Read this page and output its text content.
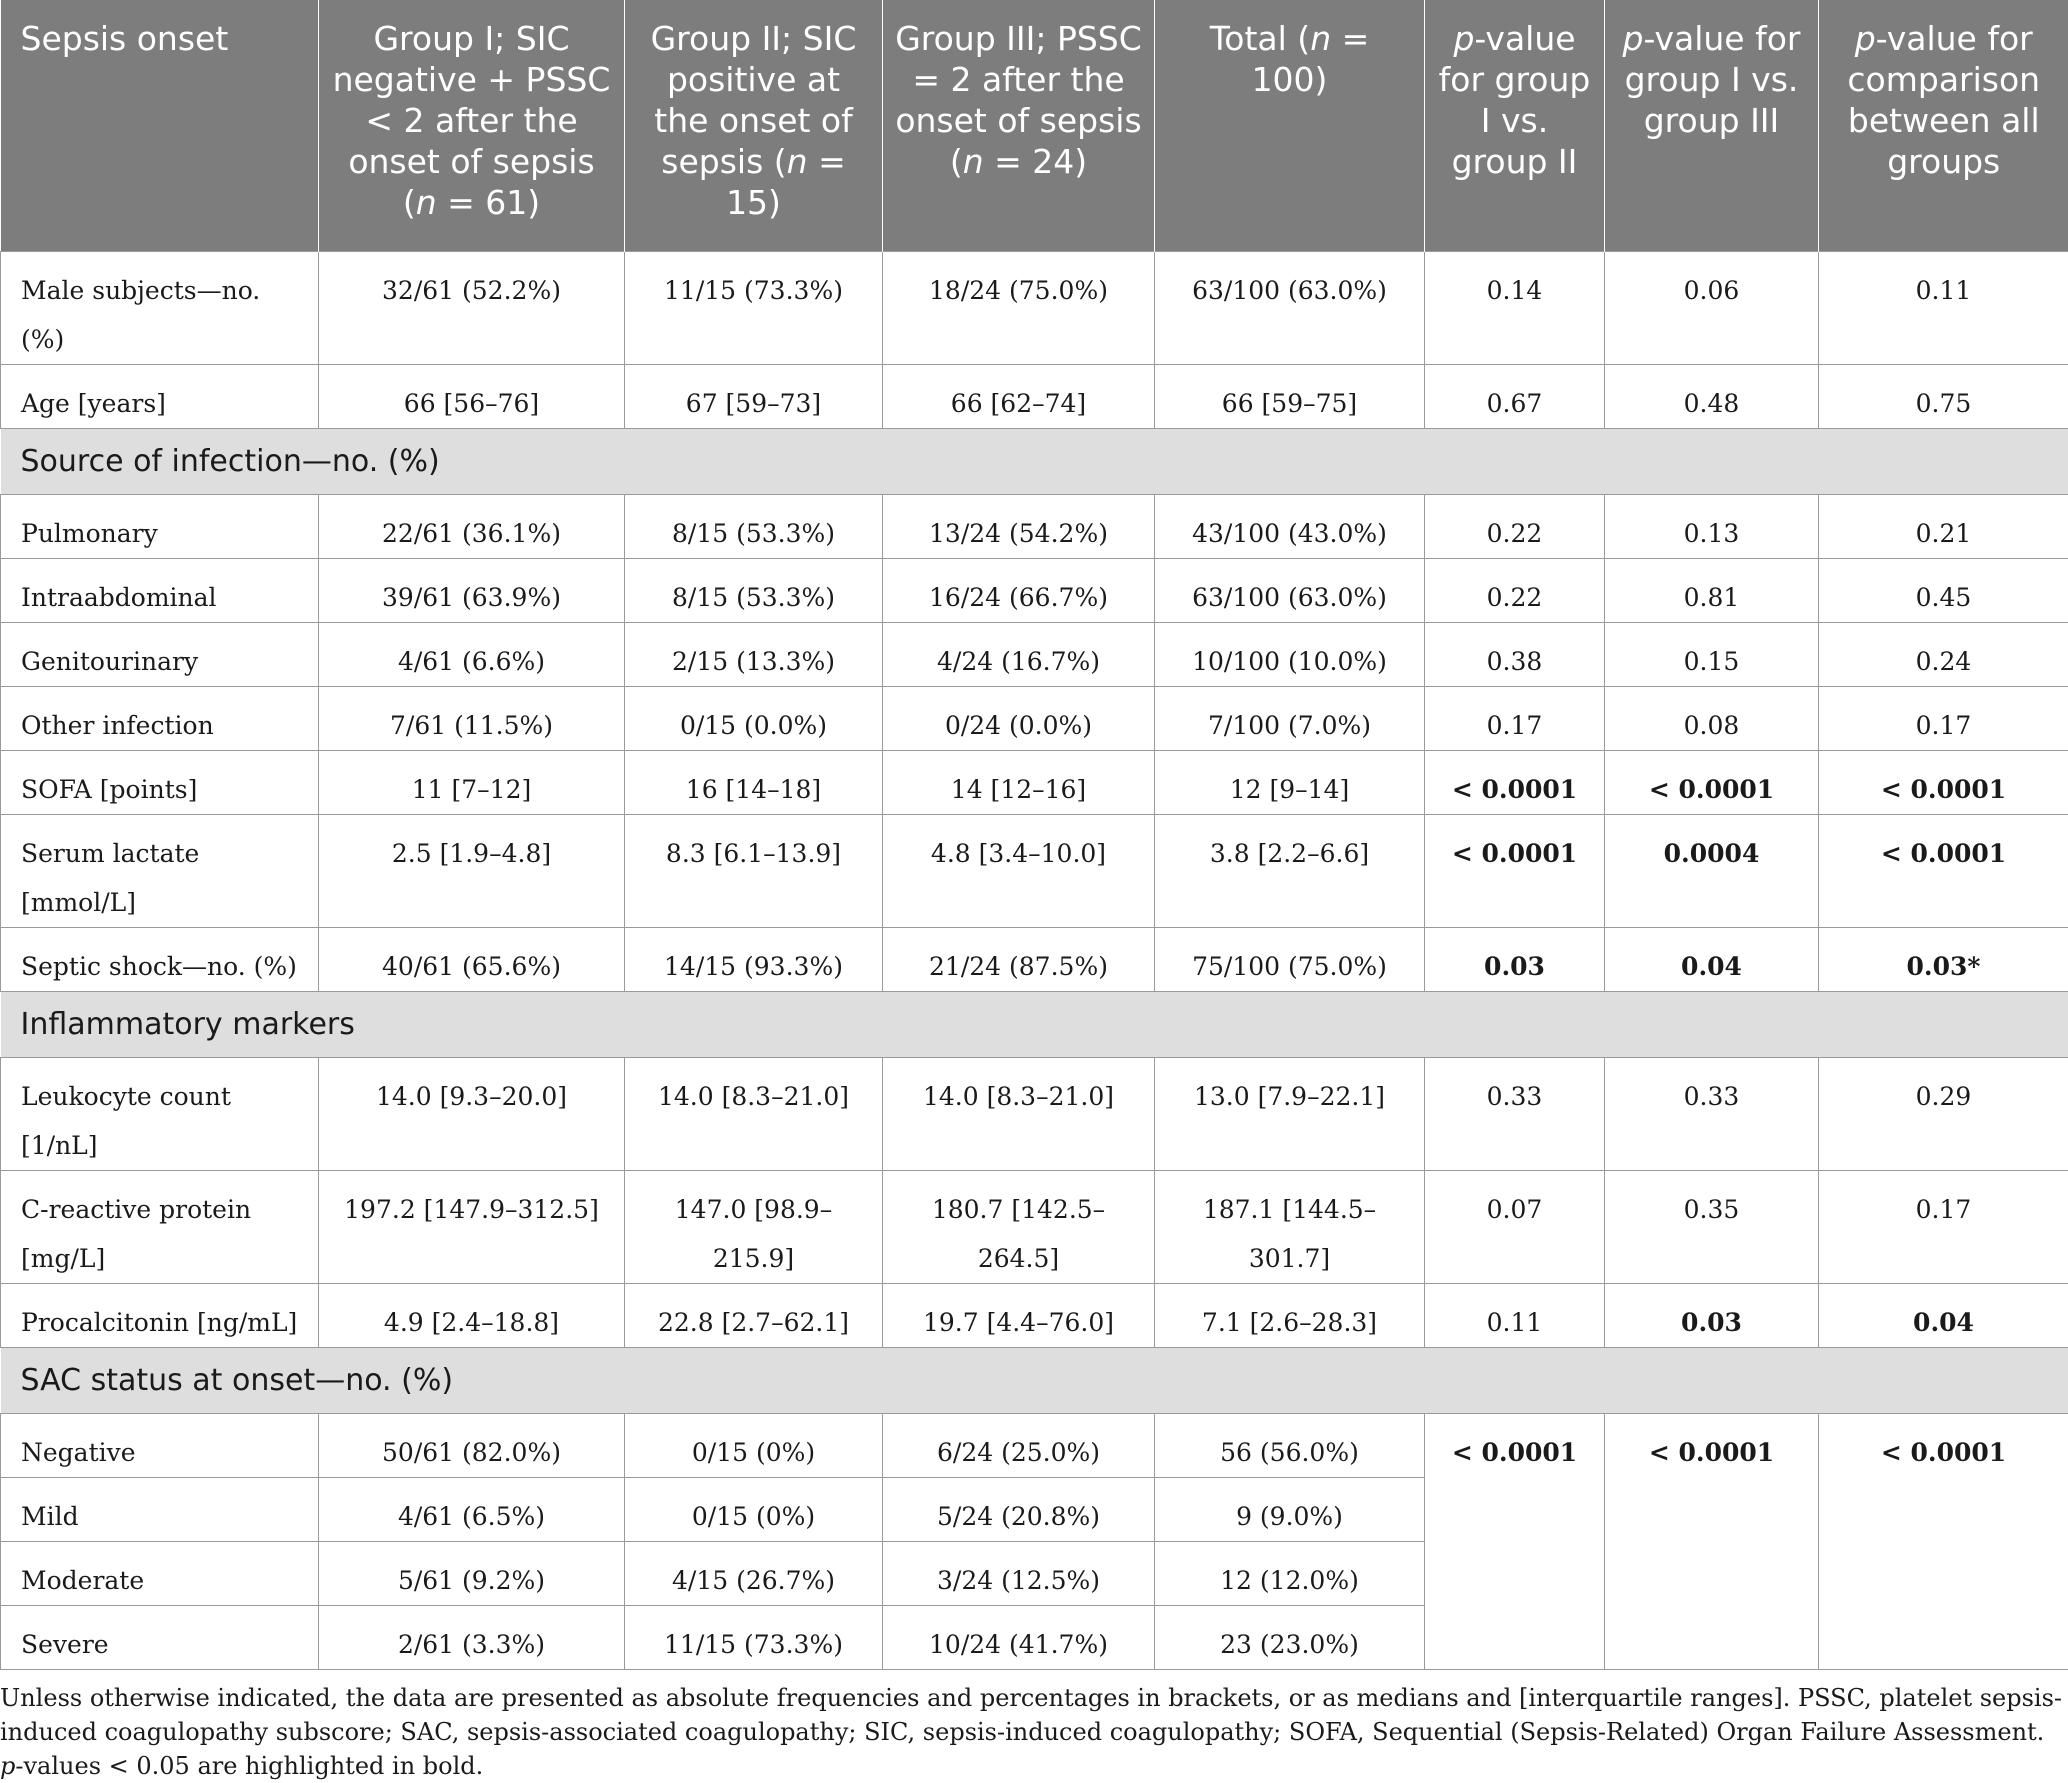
Sepsis onset	Group I; SIC negative + PSSC < 2 after the onset of sepsis (n = 61)	Group II; SIC positive at the onset of sepsis (n = 15)	Group III; PSSC = 2 after the onset of sepsis (n = 24)	Total (n = 100)	p-value for group I vs. group II	p-value for group I vs. group III	p-value for comparison between all groups
Male subjects—no. (%)	32/61 (52.2%)	11/15 (73.3%)	18/24 (75.0%)	63/100 (63.0%)	0.14	0.06	0.11
Age [years]	66 [56–76]	67 [59–73]	66 [62–74]	66 [59–75]	0.67	0.48	0.75
Source of infection—no. (%)							
Pulmonary	22/61 (36.1%)	8/15 (53.3%)	13/24 (54.2%)	43/100 (43.0%)	0.22	0.13	0.21
Intraabdominal	39/61 (63.9%)	8/15 (53.3%)	16/24 (66.7%)	63/100 (63.0%)	0.22	0.81	0.45
Genitourinary	4/61 (6.6%)	2/15 (13.3%)	4/24 (16.7%)	10/100 (10.0%)	0.38	0.15	0.24
Other infection	7/61 (11.5%)	0/15 (0.0%)	0/24 (0.0%)	7/100 (7.0%)	0.17	0.08	0.17
SOFA [points]	11 [7–12]	16 [14–18]	14 [12–16]	12 [9–14]	< 0.0001	< 0.0001	< 0.0001
Serum lactate [mmol/L]	2.5 [1.9–4.8]	8.3 [6.1–13.9]	4.8 [3.4–10.0]	3.8 [2.2–6.6]	< 0.0001	0.0004	< 0.0001
Septic shock—no. (%)	40/61 (65.6%)	14/15 (93.3%)	21/24 (87.5%)	75/100 (75.0%)	0.03	0.04	0.03*
Inflammatory markers							
Leukocyte count [1/nL]	14.0 [9.3–20.0]	14.0 [8.3–21.0]	14.0 [8.3–21.0]	13.0 [7.9–22.1]	0.33	0.33	0.29
C-reactive protein [mg/L]	197.2 [147.9–312.5]	147.0 [98.9–215.9]	180.7 [142.5–264.5]	187.1 [144.5–301.7]	0.07	0.35	0.17
Procalcitonin [ng/mL]	4.9 [2.4–18.8]	22.8 [2.7–62.1]	19.7 [4.4–76.0]	7.1 [2.6–28.3]	0.11	0.03	0.04
SAC status at onset—no. (%)							
Negative	50/61 (82.0%)	0/15 (0%)	6/24 (25.0%)	56 (56.0%)	< 0.0001	< 0.0001	< 0.0001
Mild	4/61 (6.5%)	0/15 (0%)	5/24 (20.8%)	9 (9.0%)			
Moderate	5/61 (9.2%)	4/15 (26.7%)	3/24 (12.5%)	12 (12.0%)			
Severe	2/61 (3.3%)	11/15 (73.3%)	10/24 (41.7%)	23 (23.0%)			

Unless otherwise indicated, the data are presented as absolute frequencies and percentages in brackets, or as medians and [interquartile ranges]. PSSC, platelet sepsis-induced coagulopathy subscore; SAC, sepsis-associated coagulopathy; SIC, sepsis-induced coagulopathy; SOFA, Sequential (Sepsis-Related) Organ Failure Assessment. p-values < 0.05 are highlighted in bold.
